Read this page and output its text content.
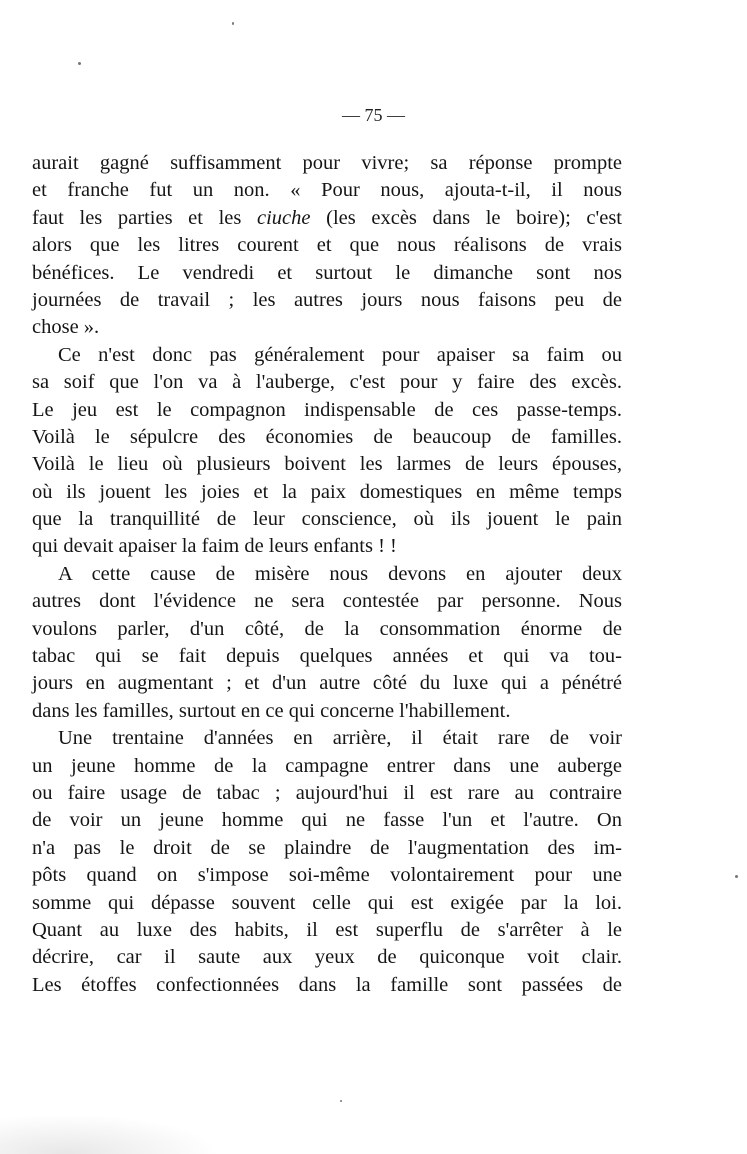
— 75 —
aurait gagné suffisamment pour vivre; sa réponse prompte
et franche fut un non. « Pour nous, ajouta-t-il, il nous
faut les parties et les ciuche (les excès dans le boire); c'est
alors que les litres courent et que nous réalisons de vrais
bénéfices. Le vendredi et surtout le dimanche sont nos
journées de travail ; les autres jours nous faisons peu de
chose ».
Ce n'est donc pas généralement pour apaiser sa faim ou
sa soif que l'on va à l'auberge, c'est pour y faire des excès.
Le jeu est le compagnon indispensable de ces passe-temps.
Voilà le sépulcre des économies de beaucoup de familles.
Voilà le lieu où plusieurs boivent les larmes de leurs épouses,
où ils jouent les joies et la paix domestiques en même temps
que la tranquillité de leur conscience, où ils jouent le pain
qui devait apaiser la faim de leurs enfants ! !
A cette cause de misère nous devons en ajouter deux
autres dont l'évidence ne sera contestée par personne. Nous
voulons parler, d'un côté, de la consommation énorme de
tabac qui se fait depuis quelques années et qui va tou-
jours en augmentant ; et d'un autre côté du luxe qui a pénétré
dans les familles, surtout en ce qui concerne l'habillement.
Une trentaine d'années en arrière, il était rare de voir
un jeune homme de la campagne entrer dans une auberge
ou faire usage de tabac ; aujourd'hui il est rare au contraire
de voir un jeune homme qui ne fasse l'un et l'autre. On
n'a pas le droit de se plaindre de l'augmentation des im-
pôts quand on s'impose soi-même volontairement pour une
somme qui dépasse souvent celle qui est exigée par la loi.
Quant au luxe des habits, il est superflu de s'arrêter à le
décrire, car il saute aux yeux de quiconque voit clair.
Les étoffes confectionnées dans la famille sont passées de
